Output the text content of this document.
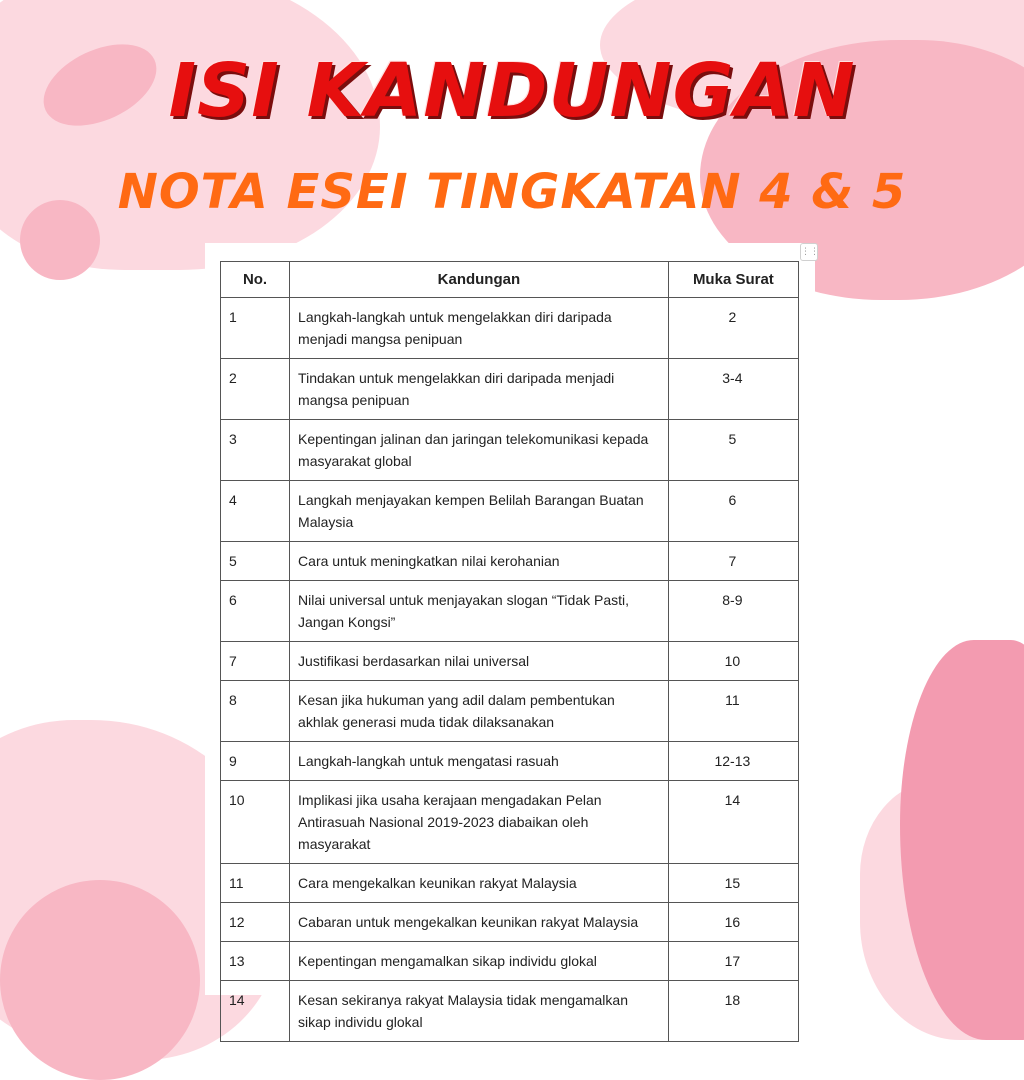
ISI KANDUNGAN
NOTA ESEI TINGKATAN 4 & 5
⋮⋮
No.	Kandungan	Muka Surat
1	Langkah-langkah untuk mengelakkan diri daripada menjadi mangsa penipuan	2
2	Tindakan untuk mengelakkan diri daripada menjadi mangsa penipuan	3-4
3	Kepentingan jalinan dan jaringan telekomunikasi kepada masyarakat global	5
4	Langkah menjayakan kempen Belilah Barangan Buatan Malaysia	6
5	Cara untuk meningkatkan nilai kerohanian	7
6	Nilai universal untuk menjayakan slogan “Tidak Pasti, Jangan Kongsi”	8-9
7	Justifikasi berdasarkan nilai universal	10
8	Kesan jika hukuman yang adil dalam pembentukan akhlak generasi muda tidak dilaksanakan	11
9	Langkah-langkah untuk mengatasi rasuah	12-13
10	Implikasi jika usaha kerajaan mengadakan Pelan Antirasuah Nasional 2019-2023 diabaikan oleh masyarakat	14
11	Cara mengekalkan keunikan rakyat Malaysia	15
12	Cabaran untuk mengekalkan keunikan rakyat Malaysia	16
13	Kepentingan mengamalkan sikap individu glokal	17
14	Kesan sekiranya rakyat Malaysia tidak mengamalkan sikap individu glokal	18
